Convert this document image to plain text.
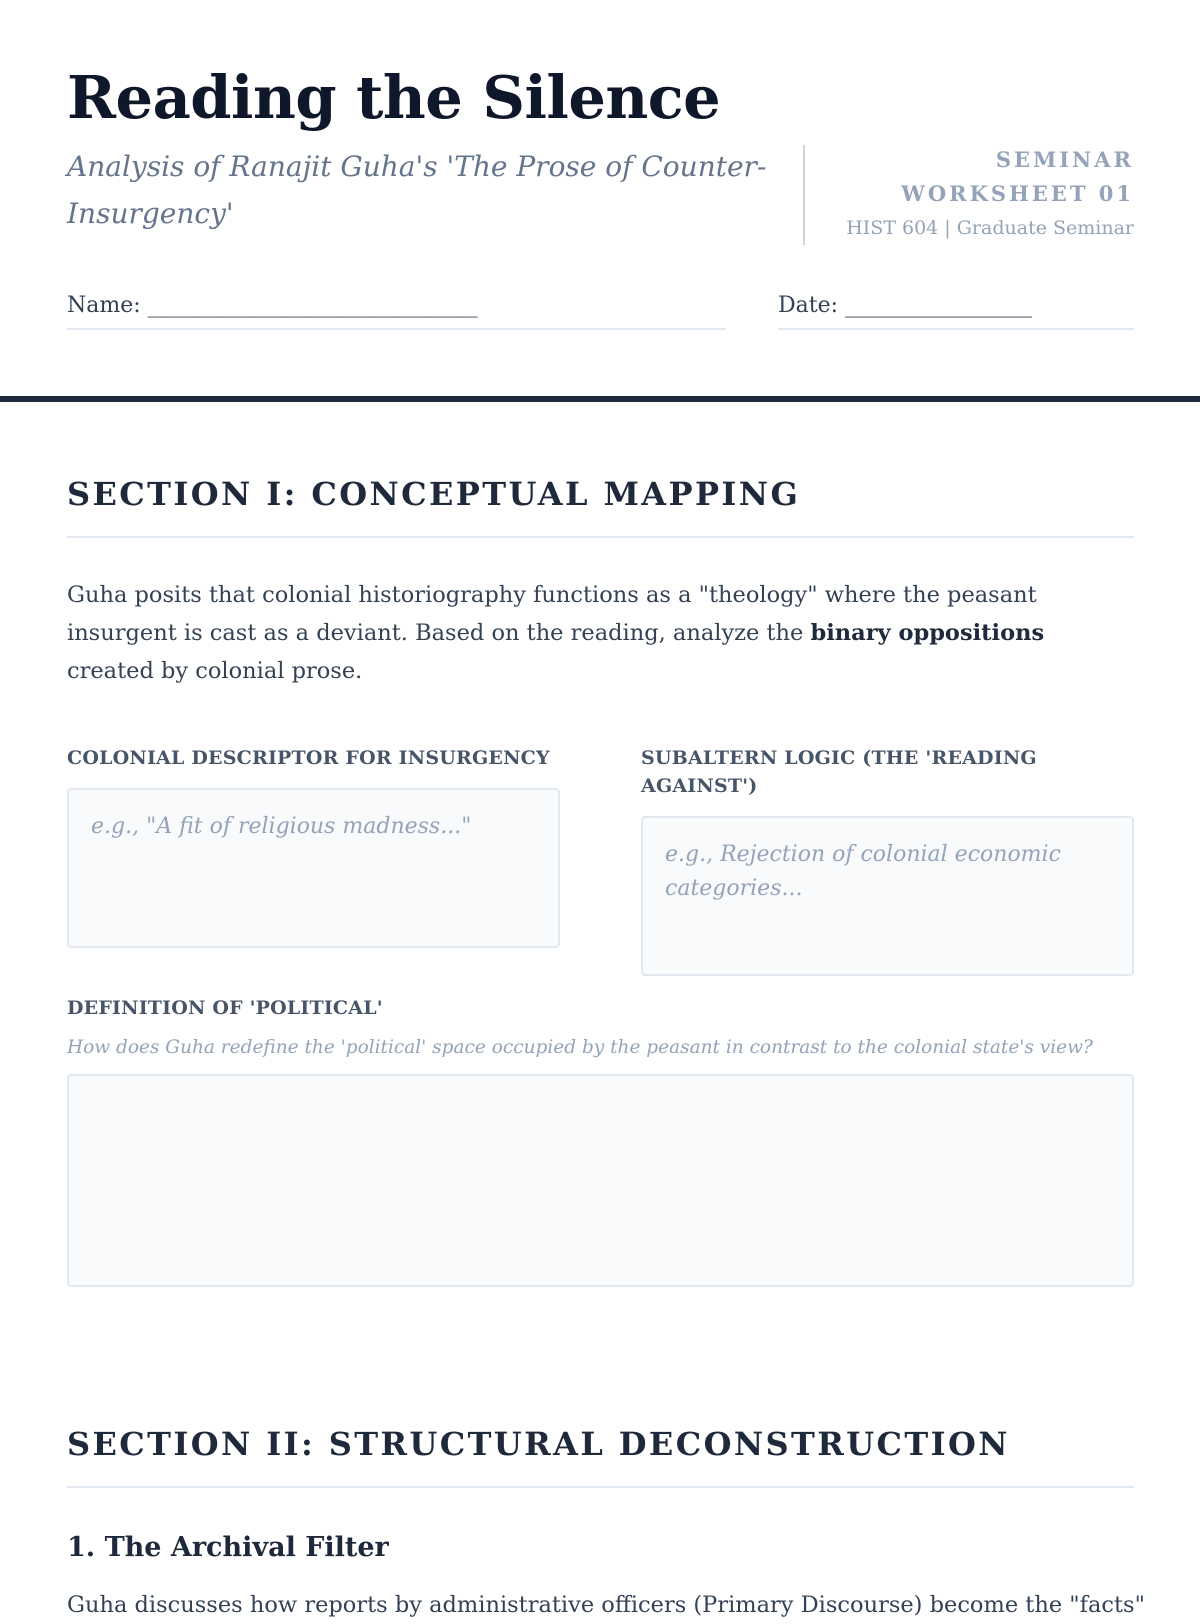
Reading the Silence
Analysis of Ranajit Guha's 'The Prose of Counter-Insurgency'
SEMINAR WORKSHEET 01
HIST 604 | Graduate Seminar
Name: ______________________________	Date: _________________
SECTION I: CONCEPTUAL MAPPING

Guha posits that colonial historiography functions as a "theology" where the peasant insurgent is cast as a deviant. Based on the reading, analyze the binary oppositions created by colonial prose.

COLONIAL DESCRIPTOR FOR INSURGENCY
e.g., "A fit of religious madness..."	SUBALTERN LOGIC (THE 'READING AGAINST')
e.g., Rejection of colonial economic categories...
DEFINITION OF 'POLITICAL'
How does Guha redefine the 'political' space occupied by the peasant in contrast to the colonial state's view?
SECTION II: STRUCTURAL DECONSTRUCTION
1. The Archival Filter

Guha discusses how reports by administrative officers (Primary Discourse) become the "facts"
